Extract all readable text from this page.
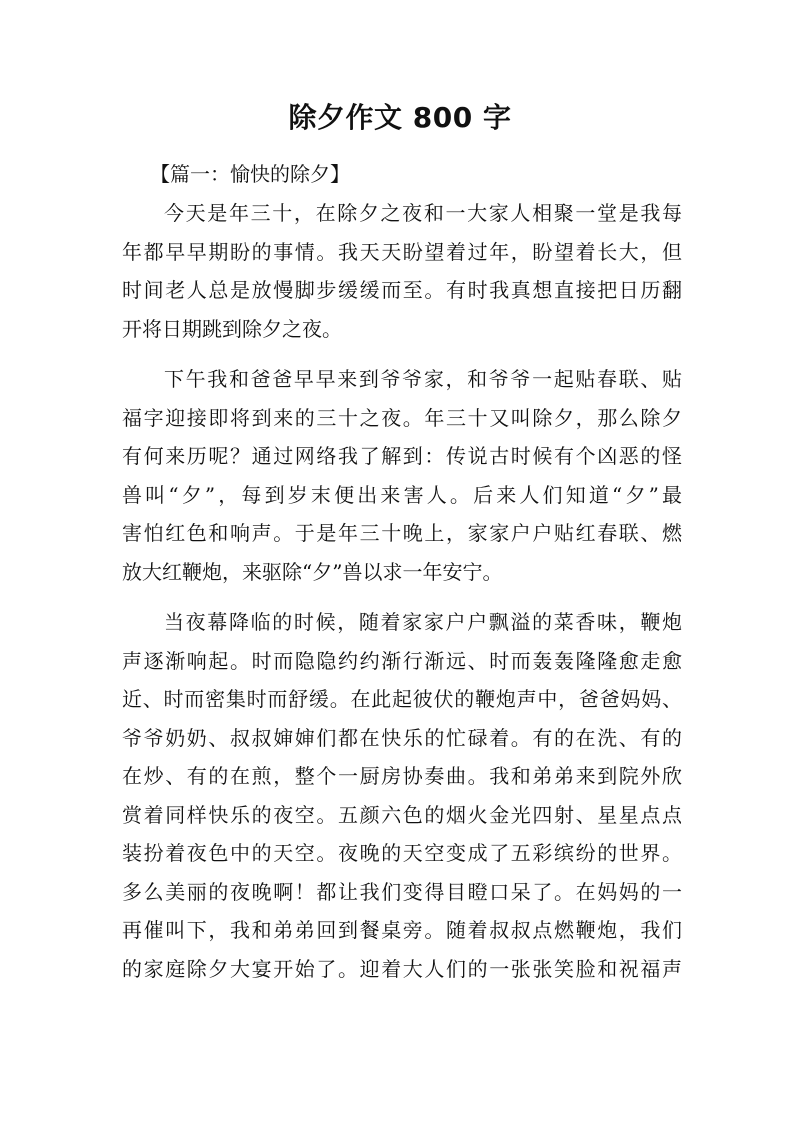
除夕作文 800 字
【篇一：愉快的除夕】
今天是年三十，在除夕之夜和一大家人相聚一堂是我每
年都早早期盼的事情。我天天盼望着过年，盼望着长大，但
时间老人总是放慢脚步缓缓而至。有时我真想直接把日历翻
开将日期跳到除夕之夜。
下午我和爸爸早早来到爷爷家，和爷爷一起贴春联、贴
福字迎接即将到来的三十之夜。年三十又叫除夕，那么除夕
有何来历呢？通过网络我了解到：传说古时候有个凶恶的怪
兽叫“夕”，每到岁末便出来害人。后来人们知道“夕”最
害怕红色和响声。于是年三十晚上，家家户户贴红春联、燃
放大红鞭炮，来驱除“夕”兽以求一年安宁。
当夜幕降临的时候，随着家家户户飘溢的菜香味，鞭炮
声逐渐响起。时而隐隐约约渐行渐远、时而轰轰隆隆愈走愈
近、时而密集时而舒缓。在此起彼伏的鞭炮声中，爸爸妈妈、
爷爷奶奶、叔叔婶婶们都在快乐的忙碌着。有的在洗、有的
在炒、有的在煎，整个一厨房协奏曲。我和弟弟来到院外欣
赏着同样快乐的夜空。五颜六色的烟火金光四射、星星点点
装扮着夜色中的天空。夜晚的天空变成了五彩缤纷的世界。
多么美丽的夜晚啊！都让我们变得目瞪口呆了。在妈妈的一
再催叫下，我和弟弟回到餐桌旁。随着叔叔点燃鞭炮，我们
的家庭除夕大宴开始了。迎着大人们的一张张笑脸和祝福声
